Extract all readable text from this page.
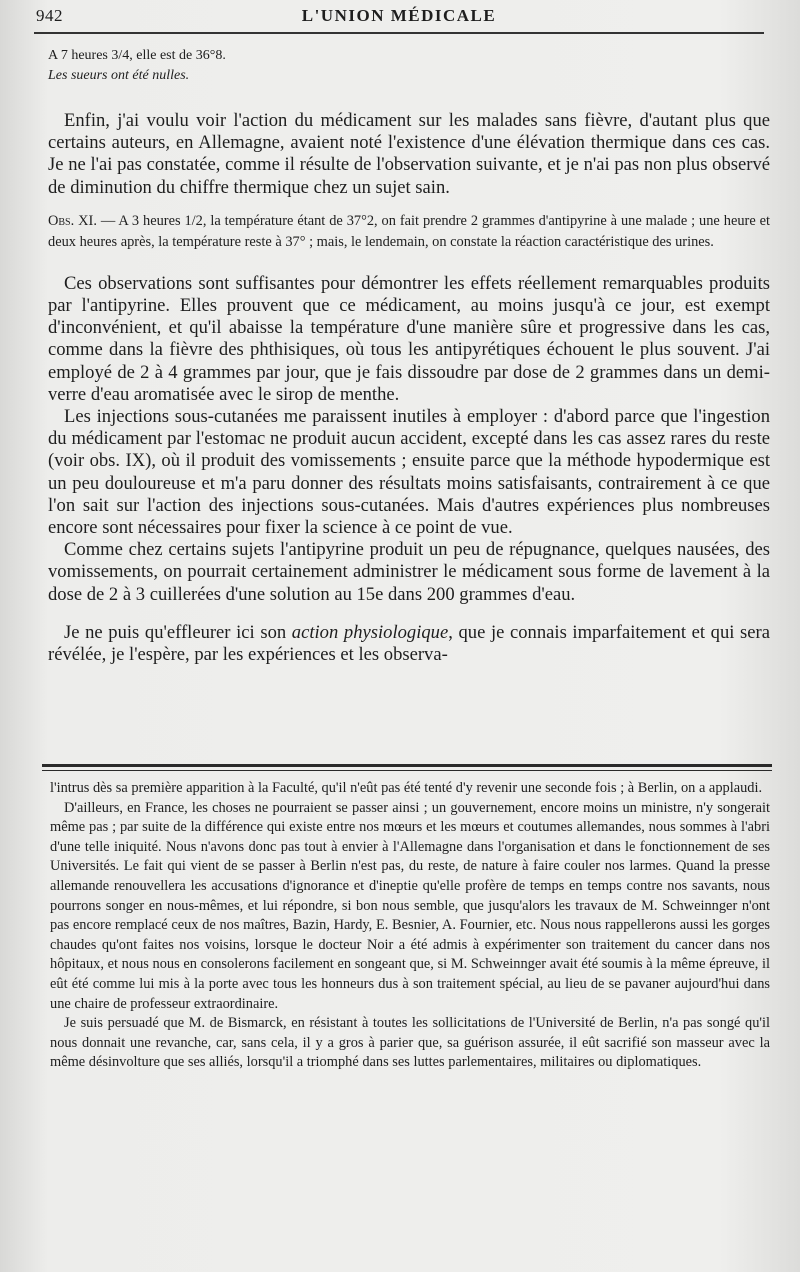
942	L'UNION MÉDICALE

A 7 heures 3/4, elle est de 36°8.

Les sueurs ont été nulles.

Enfin, j'ai voulu voir l'action du médicament sur les malades sans fièvre, d'autant plus que certains auteurs, en Allemagne, avaient noté l'existence d'une élévation thermique dans ces cas. Je ne l'ai pas constatée, comme il résulte de l'observation suivante, et je n'ai pas non plus observé de diminution du chiffre thermique chez un sujet sain.

Obs. XI. — A 3 heures 1/2, la température étant de 37°2, on fait prendre 2 grammes d'antipyrine à une malade ; une heure et deux heures après, la température reste à 37° ; mais, le lendemain, on constate la réaction caractéristique des urines.

Ces observations sont suffisantes pour démontrer les effets réellement remarquables produits par l'antipyrine. Elles prouvent que ce médicament, au moins jusqu'à ce jour, est exempt d'inconvénient, et qu'il abaisse la température d'une manière sûre et progressive dans les cas, comme dans la fièvre des phthisiques, où tous les antipyrétiques échouent le plus souvent. J'ai employé de 2 à 4 grammes par jour, que je fais dissoudre par dose de 2 grammes dans un demi-verre d'eau aromatisée avec le sirop de menthe.

Les injections sous-cutanées me paraissent inutiles à employer : d'abord parce que l'ingestion du médicament par l'estomac ne produit aucun accident, excepté dans les cas assez rares du reste (voir obs. IX), où il produit des vomissements ; ensuite parce que la méthode hypodermique est un peu douloureuse et m'a paru donner des résultats moins satisfaisants, contrairement à ce que l'on sait sur l'action des injections sous-cutanées. Mais d'autres expériences plus nombreuses encore sont nécessaires pour fixer la science à ce point de vue.

Comme chez certains sujets l'antipyrine produit un peu de répugnance, quelques nausées, des vomissements, on pourrait certainement administrer le médicament sous forme de lavement à la dose de 2 à 3 cuillerées d'une solution au 15e dans 200 grammes d'eau.

Je ne puis qu'effleurer ici son action physiologique, que je connais imparfaitement et qui sera révélée, je l'espère, par les expériences et les observa-

l'intrus dès sa première apparition à la Faculté, qu'il n'eût pas été tenté d'y revenir une seconde fois ; à Berlin, on a applaudi.

D'ailleurs, en France, les choses ne pourraient se passer ainsi ; un gouvernement, encore moins un ministre, n'y songerait même pas ; par suite de la différence qui existe entre nos mœurs et les mœurs et coutumes allemandes, nous sommes à l'abri d'une telle iniquité. Nous n'avons donc pas tout à envier à l'Allemagne dans l'organisation et dans le fonctionnement de ses Universités. Le fait qui vient de se passer à Berlin n'est pas, du reste, de nature à faire couler nos larmes. Quand la presse allemande renouvellera les accusations d'ignorance et d'ineptie qu'elle profère de temps en temps contre nos savants, nous pourrons songer en nous-mêmes, et lui répondre, si bon nous semble, que jusqu'alors les travaux de M. Schweinnger n'ont pas encore remplacé ceux de nos maîtres, Bazin, Hardy, E. Besnier, A. Fournier, etc. Nous nous rappellerons aussi les gorges chaudes qu'ont faites nos voisins, lorsque le docteur Noir a été admis à expérimenter son traitement du cancer dans nos hôpitaux, et nous nous en consolerons facilement en songeant que, si M. Schweinnger avait été soumis à la même épreuve, il eût été comme lui mis à la porte avec tous les honneurs dus à son traitement spécial, au lieu de se pavaner aujourd'hui dans une chaire de professeur extraordinaire.

Je suis persuadé que M. de Bismarck, en résistant à toutes les sollicitations de l'Université de Berlin, n'a pas songé qu'il nous donnait une revanche, car, sans cela, il y a gros à parier que, sa guérison assurée, il eût sacrifié son masseur avec la même désinvolture que ses alliés, lorsqu'il a triomphé dans ses luttes parlementaires, militaires ou diplomatiques.
